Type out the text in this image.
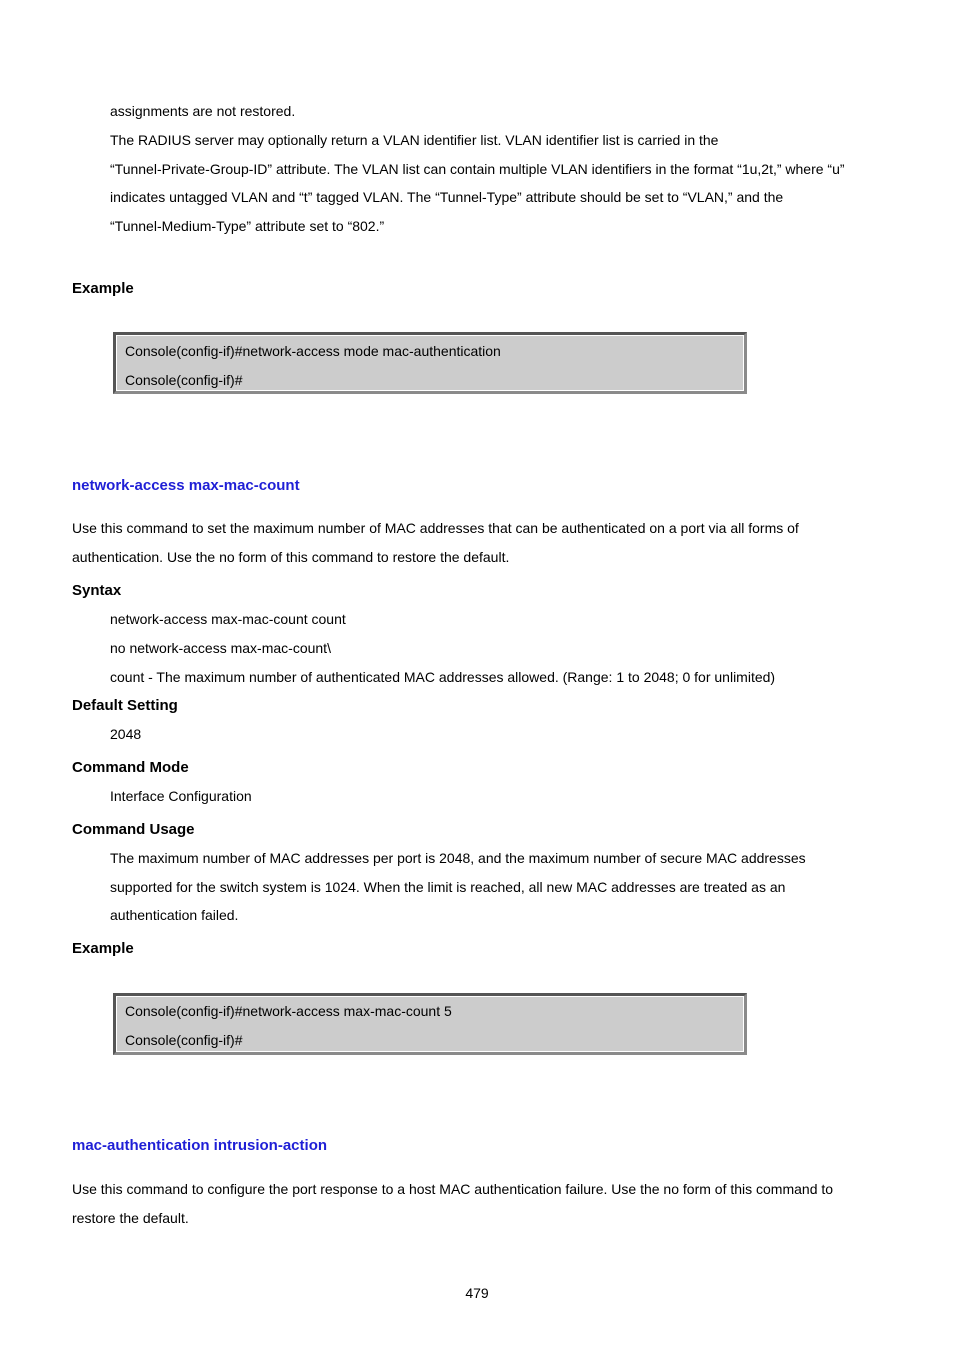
assignments are not restored.
The RADIUS server may optionally return a VLAN identifier list. VLAN identifier list is carried in the
“Tunnel-Private-Group-ID” attribute. The VLAN list can contain multiple VLAN identifiers in the format “1u,2t,” where “u”
indicates untagged VLAN and “t” tagged VLAN. The “Tunnel-Type” attribute should be set to “VLAN,” and the
“Tunnel-Medium-Type” attribute set to “802.”
Example
Console(config-if)#network-access mode mac-authentication
Console(config-if)#
network-access max-mac-count
Use this command to set the maximum number of MAC addresses that can be authenticated on a port via all forms of
authentication. Use the no form of this command to restore the default.
Syntax
network-access max-mac-count count
no network-access max-mac-count\
count - The maximum number of authenticated MAC addresses allowed. (Range: 1 to 2048; 0 for unlimited)
Default Setting
2048
Command Mode
Interface Configuration
Command Usage
The maximum number of MAC addresses per port is 2048, and the maximum number of secure MAC addresses
supported for the switch system is 1024. When the limit is reached, all new MAC addresses are treated as an
authentication failed.
Example
Console(config-if)#network-access max-mac-count 5
Console(config-if)#
mac-authentication intrusion-action
Use this command to configure the port response to a host MAC authentication failure. Use the no form of this command to
restore the default.
479
